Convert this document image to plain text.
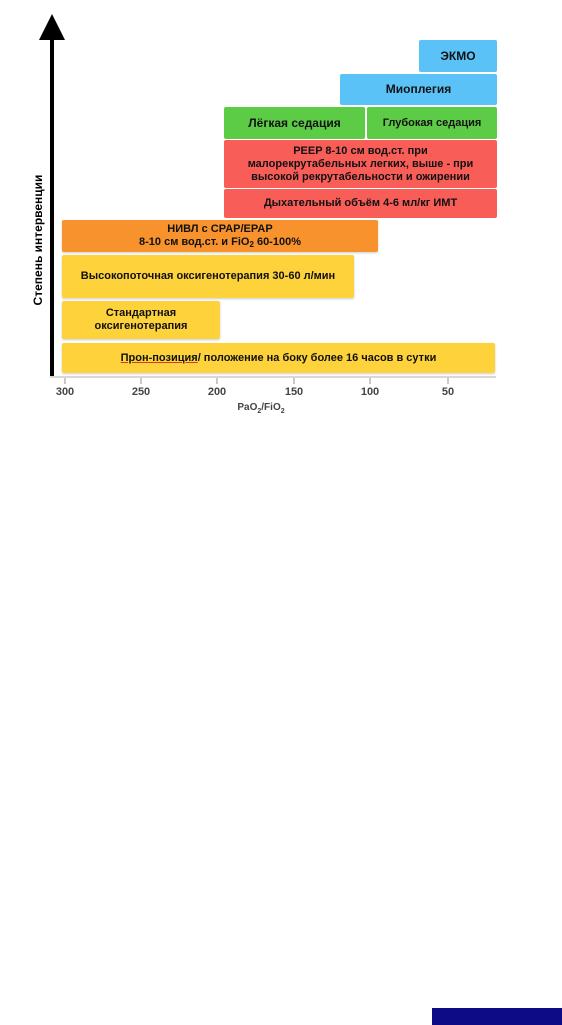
Степень интервенции
300	250	200	150	100	50
PaO$_2$/FiO$_2$
ЭКМО
Миоплегия
Лёгкая седация	Глубокая седация
PEEP 8-10 см вод.ст. при
малорекрутабельных легких, выше - при
высокой рекрутабельности и ожирении
Дыхательный объём 4-6 мл/кг ИМТ
НИВЛ с CPAP/EPAP
8-10 см вод.ст. и FiO2 60-100%
Высокопоточная оксигенотерапия 30-60 л/мин
Стандартная
оксигенотерапия
Прон-позиция/ положение на боку более 16 часов в сутки
